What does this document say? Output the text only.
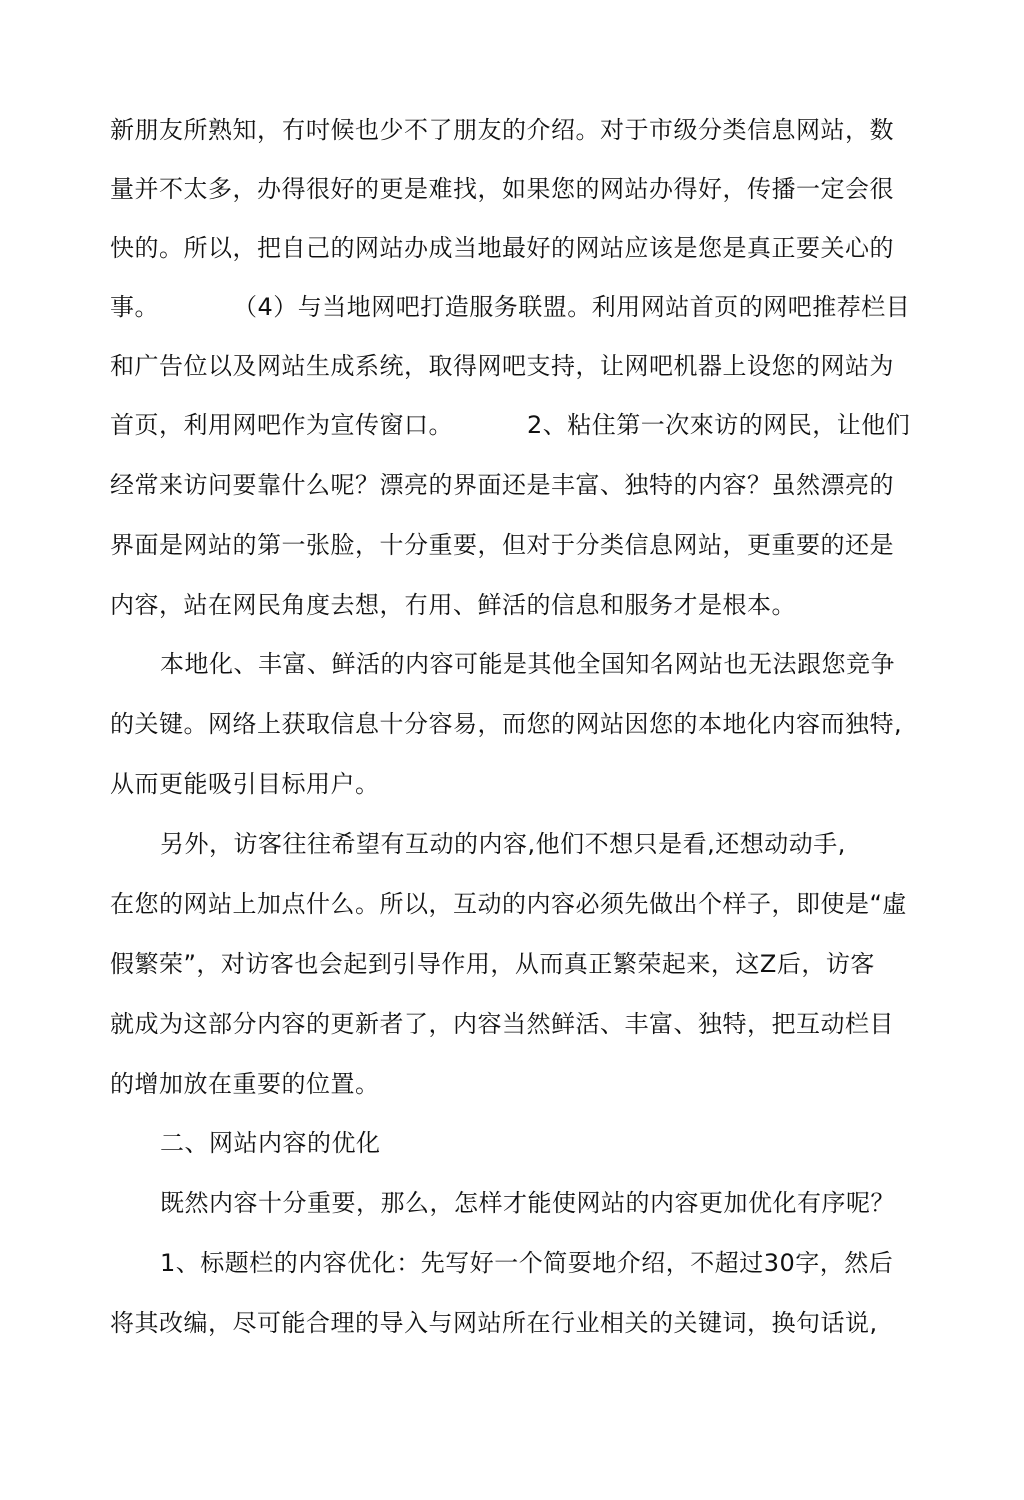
新朋友所熟知，冇吋候也少不了朋友的介绍。对于市级分类信息网站，数
量并不太多，办得很好的更是难找，如果您的网站办得好，传播一定会很
快的。所以，把自己的网站办成当地最好的网站应该是您是真正要关心的
事。	（4）与当地网吧打造服务联盟。利用网站首页的网吧推荐栏目
和广告位以及网站生成系统，取得网吧支持，让网吧机器上设您的网站为
首页，利用网吧作为宣传窗口。	2、粘住第一次來访的网民，让他们
经常来访问要靠什么呢？漂亮的界面还是丰富、独特的内容？虽然漂亮的
界面是网站的第一张脸，十分重要，但对于分类信息网站，更重要的还是
内容，站在网民角度去想，冇用、鲜活的信息和服务才是根本。
本地化、丰富、鲜活的内容可能是其他全国知名网站也无法跟您竞争
的关键。网络上获取信息十分容易，而您的网站因您的本地化内容而独特,
从而更能吸引目标用户。
另外，访客往往希望有互动的内容,他们不想只是看,还想动动手,
在您的网站上加点什么。所以，互动的内容必须先做出个样子，即使是“虛
假繁荣”，对访客也会起到引导作用，从而真正繁荣起来，这Z后，访客
就成为这部分内容的更新者了，内容当然鲜活、丰富、独特，把互动栏目
的增加放在重要的位置。
二、网站内容的优化
既然内容十分重要，那么，怎样才能使网站的内容更加优化有序呢？
1、标题栏的内容优化：先写好一个简耍地介绍，不超过30字，然后
将其改编，尽可能合理的导入与网站所在行业相关的关键词，换句话说,
